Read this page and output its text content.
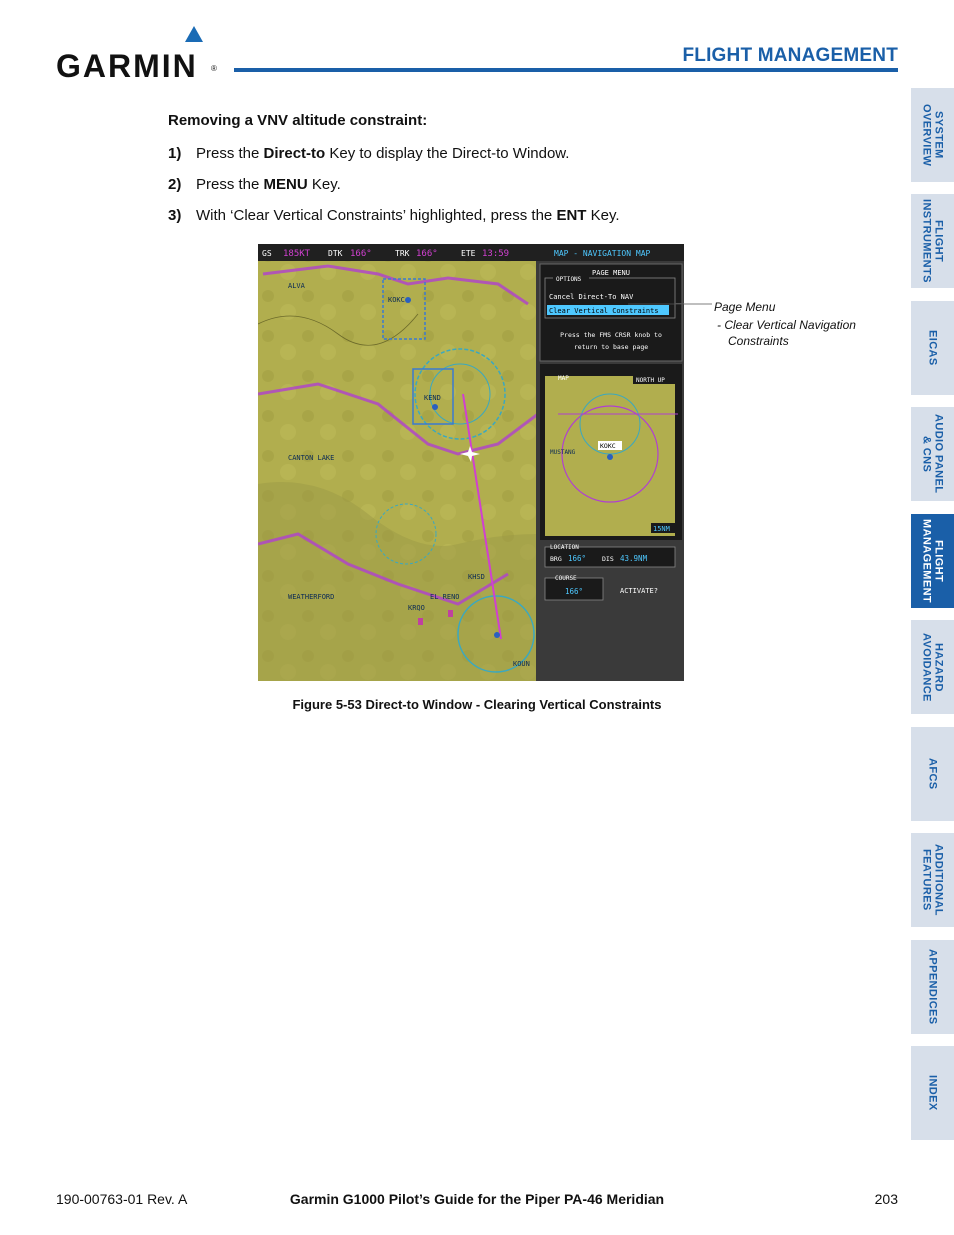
GARMIN ®
FLIGHT MANAGEMENT
Removing a VNV altitude constraint:
1) Press the Direct-to Key to display the Direct-to Window.
2) Press the MENU Key.
3) With ‘Clear Vertical Constraints’ highlighted, press the ENT Key.
GS 185KT DTK 166°	TRK 166°	ETE 13:59	MAP - NAVIGATION MAP
ALVA
KOKC
KEND
CANTON LAKE
WEATHERFORD
KRQO
EL RENO
KHSD
KOUN
PAGE MENU
OPTIONS
Cancel Direct-To NAV
Clear Vertical Constraints
Press the FMS CRSR knob to
return to base page
MAP	NORTH UP
KOKC
MUSTANG
15NM
LOCATION
BRG 166° DIS 43.9NM
COURSE
166°	ACTIVATE?
Page Menu
- Clear Vertical Navigation
Constraints
Figure 5-53 Direct-to Window - Clearing Vertical Constraints
SYSTEM
OVERVIEW
FLIGHT
INSTRUMENTS
EICAS
AUDIO PANEL
& CNS
FLIGHT
MANAGEMENT
HAZARD
AVOIDANCE
AFCS
ADDITIONAL
FEATURES
APPENDICES
INDEX
190-00763-01 Rev. A	Garmin G1000 Pilot’s Guide for the Piper PA-46 Meridian	203
